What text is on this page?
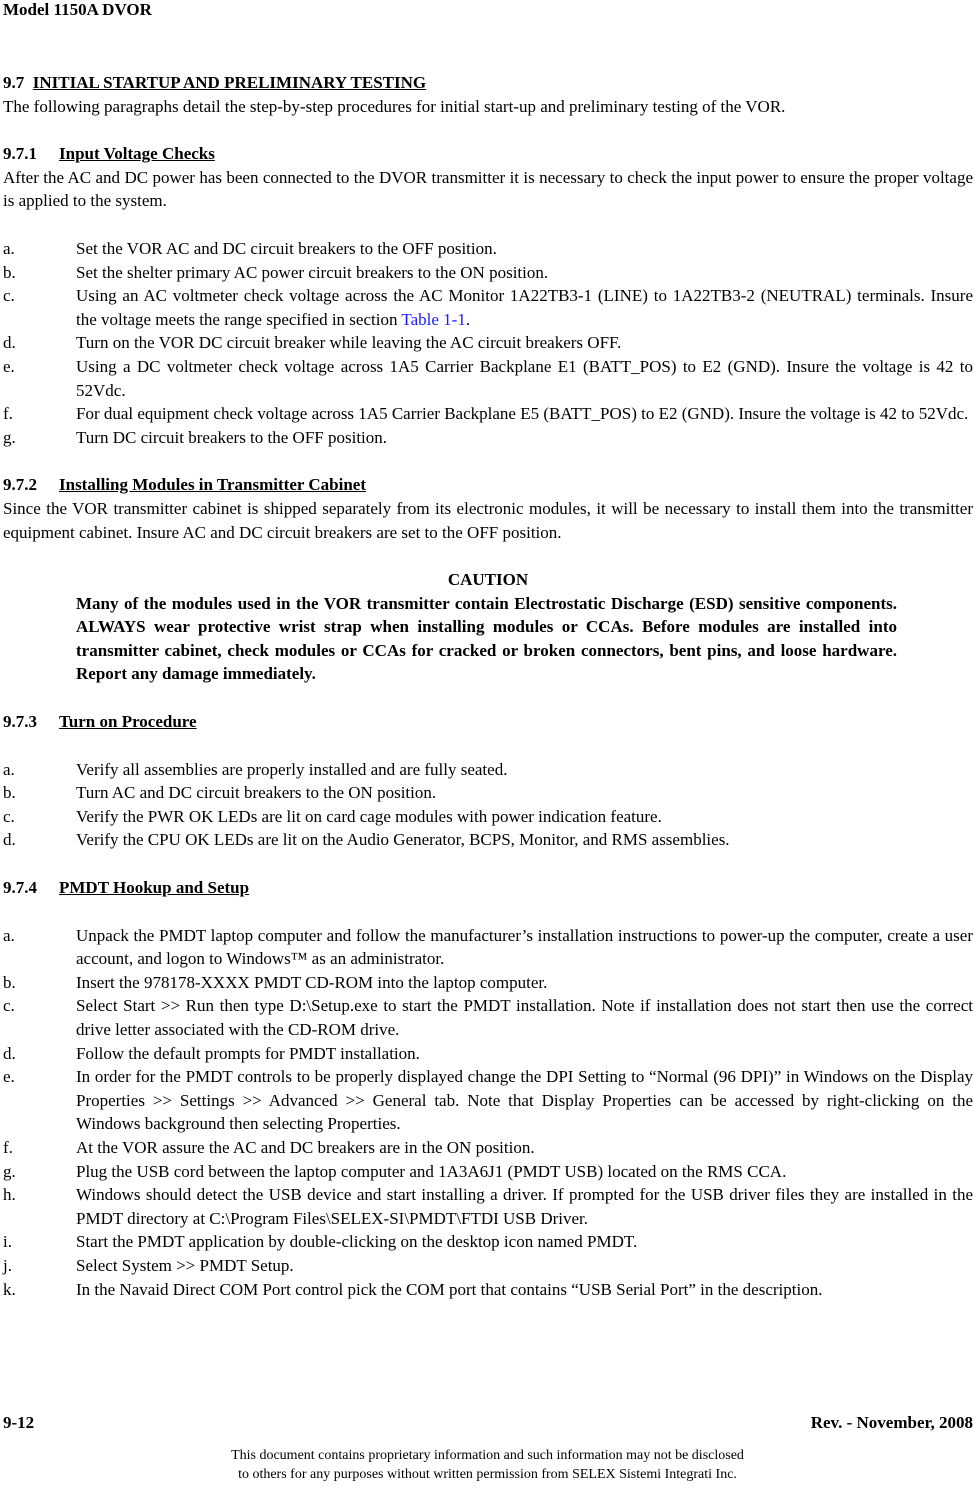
Model 1150A DVOR
9.7 INITIAL STARTUP AND PRELIMINARY TESTING

The following paragraphs detail the step-by-step procedures for initial start-up and preliminary testing of the VOR.

9.7.1	Input Voltage Checks

After the AC and DC power has been connected to the DVOR transmitter it is necessary to check the input power to ensure the proper voltage is applied to the system.

a.	Set the VOR AC and DC circuit breakers to the OFF position.
b.	Set the shelter primary AC power circuit breakers to the ON position.
c.	Using an AC voltmeter check voltage across the AC Monitor 1A22TB3-1 (LINE) to 1A22TB3-2 (NEUTRAL) terminals. Insure the voltage meets the range specified in section Table 1-1.
d.	Turn on the VOR DC circuit breaker while leaving the AC circuit breakers OFF.
e.	Using a DC voltmeter check voltage across 1A5 Carrier Backplane E1 (BATT_POS) to E2 (GND). Insure the voltage is 42 to 52Vdc.
f.	For dual equipment check voltage across 1A5 Carrier Backplane E5 (BATT_POS) to E2 (GND). Insure the voltage is 42 to 52Vdc.
g.	Turn DC circuit breakers to the OFF position.
9.7.2	Installing Modules in Transmitter Cabinet

Since the VOR transmitter cabinet is shipped separately from its electronic modules, it will be necessary to install them into the transmitter equipment cabinet. Insure AC and DC circuit breakers are set to the OFF position.

CAUTION
Many of the modules used in the VOR transmitter contain Electrostatic Discharge (ESD) sensitive components. ALWAYS wear protective wrist strap when installing modules or CCAs. Before modules are installed into transmitter cabinet, check modules or CCAs for cracked or broken connectors, bent pins, and loose hardware. Report any damage immediately.
9.7.3	Turn on Procedure
a.	Verify all assemblies are properly installed and are fully seated.
b.	Turn AC and DC circuit breakers to the ON position.
c.	Verify the PWR OK LEDs are lit on card cage modules with power indication feature.
d.	Verify the CPU OK LEDs are lit on the Audio Generator, BCPS, Monitor, and RMS assemblies.
9.7.4	PMDT Hookup and Setup
a.	Unpack the PMDT laptop computer and follow the manufacturer’s installation instructions to power-up the computer, create a user account, and logon to Windows™ as an administrator.
b.	Insert the 978178-XXXX PMDT CD-ROM into the laptop computer.
c.	Select Start >> Run then type D:\Setup.exe to start the PMDT installation. Note if installation does not start then use the correct drive letter associated with the CD-ROM drive.
d.	Follow the default prompts for PMDT installation.
e.	In order for the PMDT controls to be properly displayed change the DPI Setting to “Normal (96 DPI)” in Windows on the Display Properties >> Settings >> Advanced >> General tab. Note that Display Properties can be accessed by right-clicking on the Windows background then selecting Properties.
f.	At the VOR assure the AC and DC breakers are in the ON position.
g.	Plug the USB cord between the laptop computer and 1A3A6J1 (PMDT USB) located on the RMS CCA.
h.	Windows should detect the USB device and start installing a driver. If prompted for the USB driver files they are installed in the PMDT directory at C:\Program Files\SELEX-SI\PMDT\FTDI USB Driver.
i.	Start the PMDT application by double-clicking on the desktop icon named PMDT.
j.	Select System >> PMDT Setup.
k.	In the Navaid Direct COM Port control pick the COM port that contains “USB Serial Port” in the description.
9-12	Rev. - November, 2008
This document contains proprietary information and such information may not be disclosed
to others for any purposes without written permission from SELEX Sistemi Integrati Inc.
